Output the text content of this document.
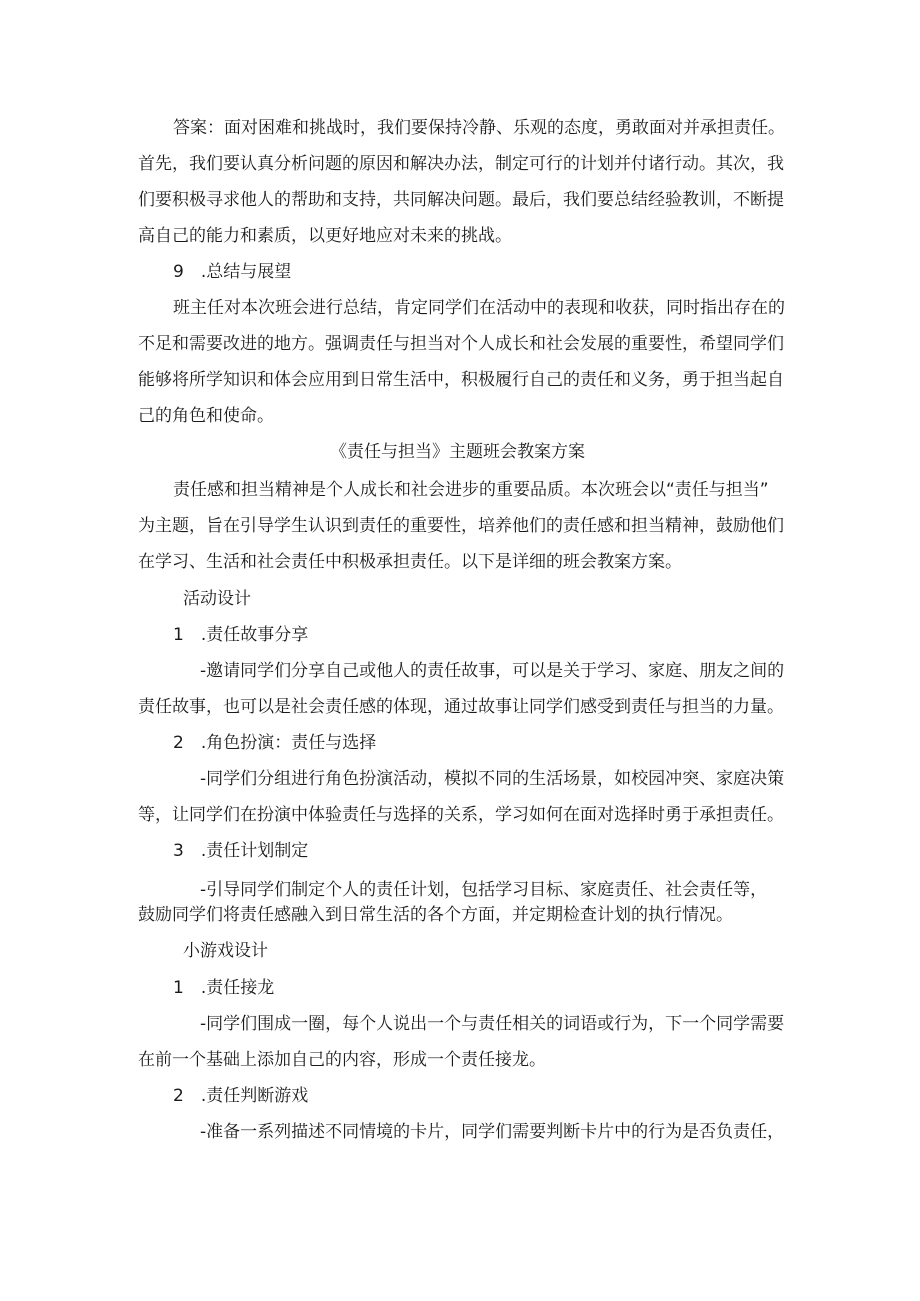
答案：面对困难和挑战时，我们要保持冷静、乐观的态度，勇敢面对并承担责任。

首先，我们要认真分析问题的原因和解决办法，制定可行的计划并付诸行动。其次，我

们要积极寻求他人的帮助和支持，共同解决问题。最后，我们要总结经验教训，不断提

高自己的能力和素质，以更好地应对未来的挑战。

9　.总结与展望

班主任对本次班会进行总结，肯定同学们在活动中的表现和收获，同时指出存在的

不足和需要改进的地方。强调责任与担当对个人成长和社会发展的重要性，希望同学们

能够将所学知识和体会应用到日常生活中，积极履行自己的责任和义务，勇于担当起自

己的角色和使命。

《责任与担当》主题班会教案方案

责任感和担当精神是个人成长和社会进步的重要品质。本次班会以“责任与担当”

为主题，旨在引导学生认识到责任的重要性，培养他们的责任感和担当精神，鼓励他们

在学习、生活和社会责任中积极承担责任。以下是详细的班会教案方案。

活动设计

1　.责任故事分享

-邀请同学们分享自己或他人的责任故事，可以是关于学习、家庭、朋友之间的

责任故事，也可以是社会责任感的体现，通过故事让同学们感受到责任与担当的力量。

2　.角色扮演：责任与选择

-同学们分组进行角色扮演活动，模拟不同的生活场景，如校园冲突、家庭决策

等，让同学们在扮演中体验责任与选择的关系，学习如何在面对选择时勇于承担责任。

3　.责任计划制定

-引导同学们制定个人的责任计划，包括学习目标、家庭责任、社会责任等，

鼓励同学们将责任感融入到日常生活的各个方面，并定期检查计划的执行情况。

小游戏设计

1　.责任接龙

-同学们围成一圈，每个人说出一个与责任相关的词语或行为，下一个同学需要

在前一个基础上添加自己的内容，形成一个责任接龙。

2　.责任判断游戏

-准备一系列描述不同情境的卡片，同学们需要判断卡片中的行为是否负责任，
